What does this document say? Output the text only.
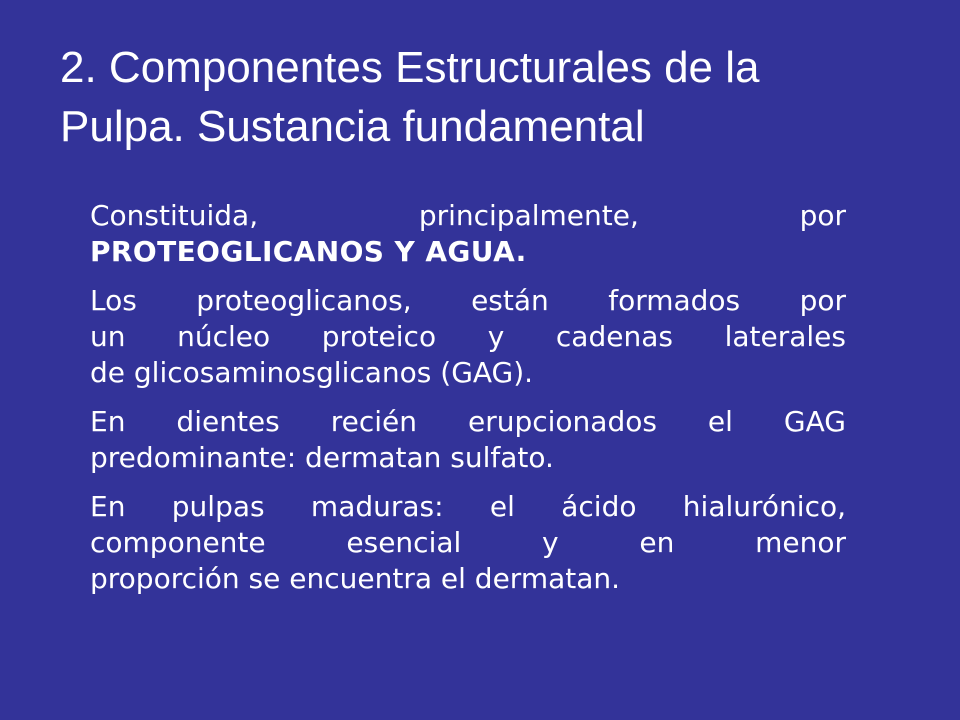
2. Componentes Estructurales de la
Pulpa. Sustancia fundamental
Constituida, principalmente, por
PROTEOGLICANOS Y AGUA.
Los proteoglicanos, están formados por
un núcleo proteico y cadenas laterales
de glicosaminosglicanos (GAG).
En dientes recién erupcionados el GAG
predominante: dermatan sulfato.
En pulpas maduras: el ácido hialurónico,
componente esencial y en menor
proporción se encuentra el dermatan.
